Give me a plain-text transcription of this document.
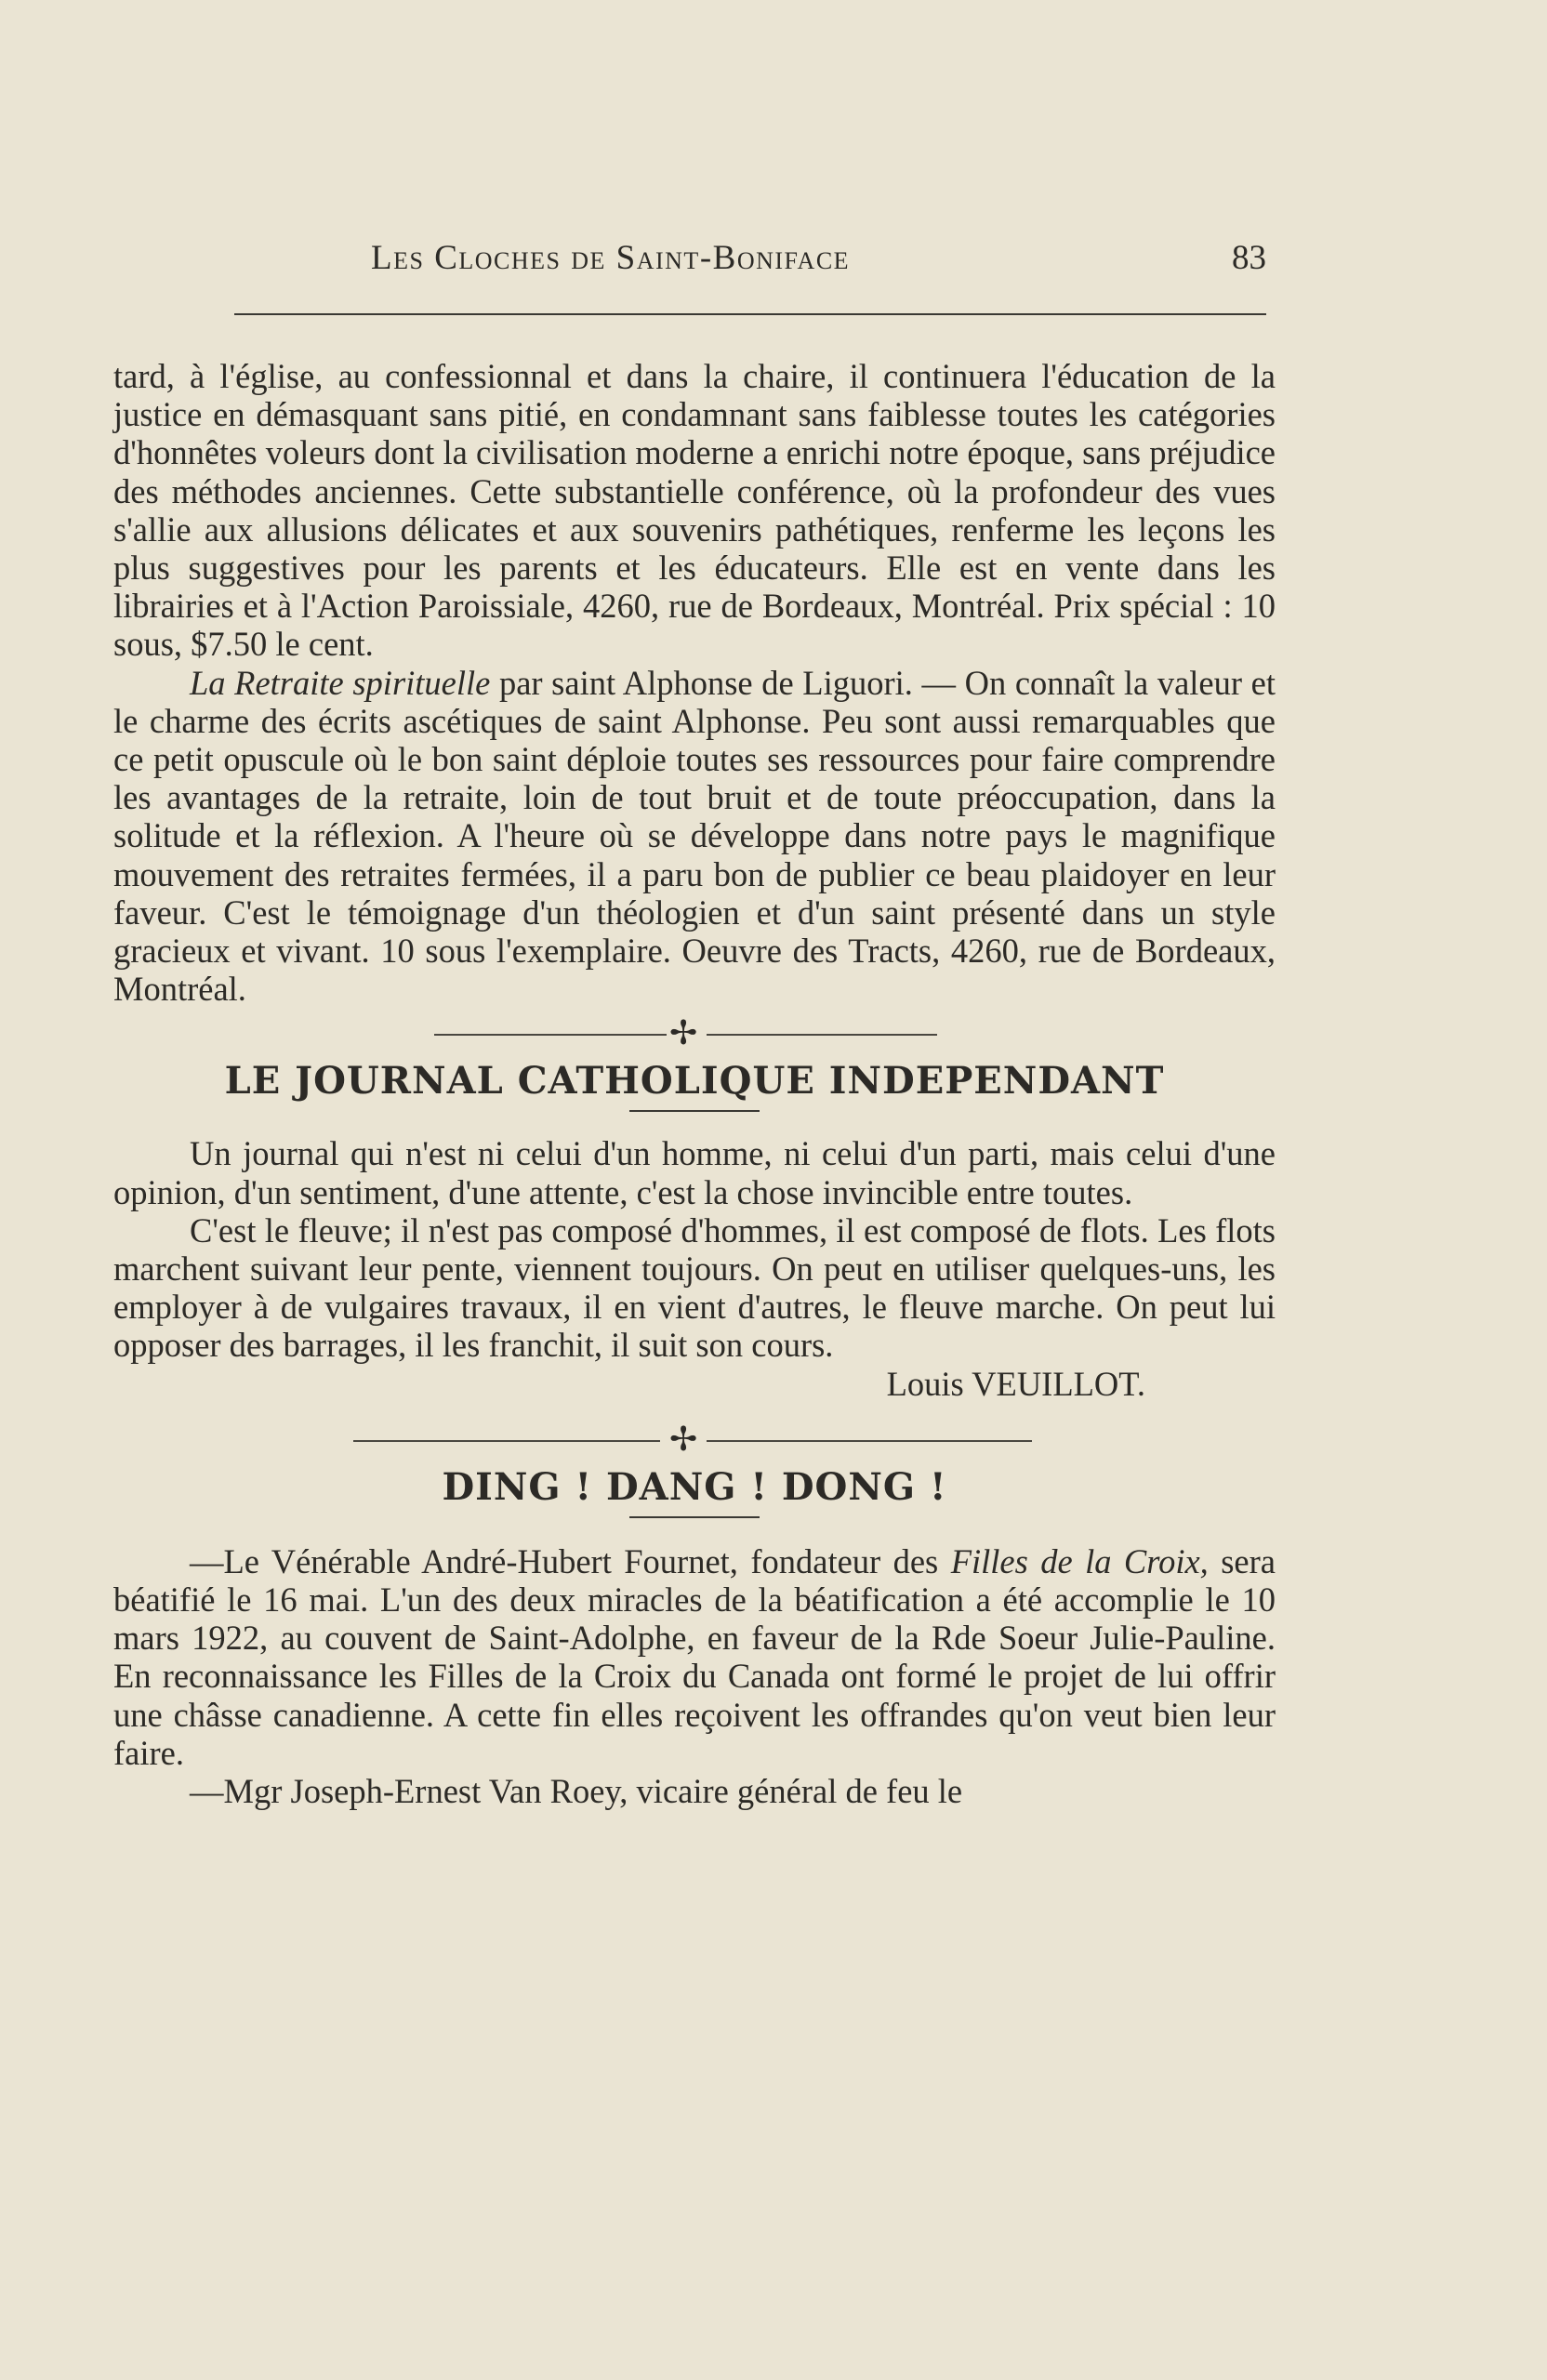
Les Cloches de Saint-Boniface	83

tard, à l'église, au confessionnal et dans la chaire, il continuera l'éducation de la justice en démasquant sans pitié, en condamnant sans faiblesse toutes les catégories d'honnêtes voleurs dont la civilisation moderne a enrichi notre époque, sans préjudice des méthodes anciennes. Cette substantielle conférence, où la profondeur des vues s'allie aux allusions délicates et aux souvenirs pathétiques, renferme les leçons les plus suggestives pour les parents et les éducateurs. Elle est en vente dans les librairies et à l'Action Paroissiale, 4260, rue de Bordeaux, Montréal. Prix spécial : 10 sous, $7.50 le cent.

La Retraite spirituelle par saint Alphonse de Liguori. — On connaît la valeur et le charme des écrits ascétiques de saint Alphonse. Peu sont aussi remarquables que ce petit opuscule où le bon saint déploie toutes ses ressources pour faire comprendre les avantages de la retraite, loin de tout bruit et de toute préoccupation, dans la solitude et la réflexion. A l'heure où se développe dans notre pays le magnifique mouvement des retraites fermées, il a paru bon de publier ce beau plaidoyer en leur faveur. C'est le témoignage d'un théologien et d'un saint présenté dans un style gracieux et vivant. 10 sous l'exemplaire. Oeuvre des Tracts, 4260, rue de Bordeaux, Montréal.

✢
LE JOURNAL CATHOLIQUE INDEPENDANT

Un journal qui n'est ni celui d'un homme, ni celui d'un parti, mais celui d'une opinion, d'un sentiment, d'une attente, c'est la chose invincible entre toutes.

C'est le fleuve; il n'est pas composé d'hommes, il est composé de flots. Les flots marchent suivant leur pente, viennent toujours. On peut en utiliser quelques-uns, les employer à de vulgaires travaux, il en vient d'autres, le fleuve marche. On peut lui opposer des barrages, il les franchit, il suit son cours.

Louis VEUILLOT.

✢
DING ! DANG ! DONG !

—Le Vénérable André-Hubert Fournet, fondateur des Filles de la Croix, sera béatifié le 16 mai. L'un des deux miracles de la béatification a été accomplie le 10 mars 1922, au couvent de Saint-Adolphe, en faveur de la Rde Soeur Julie-Pauline. En reconnaissance les Filles de la Croix du Canada ont formé le projet de lui offrir une châsse canadienne. A cette fin elles reçoivent les offrandes qu'on veut bien leur faire.

—Mgr Joseph-Ernest Van Roey, vicaire général de feu le
